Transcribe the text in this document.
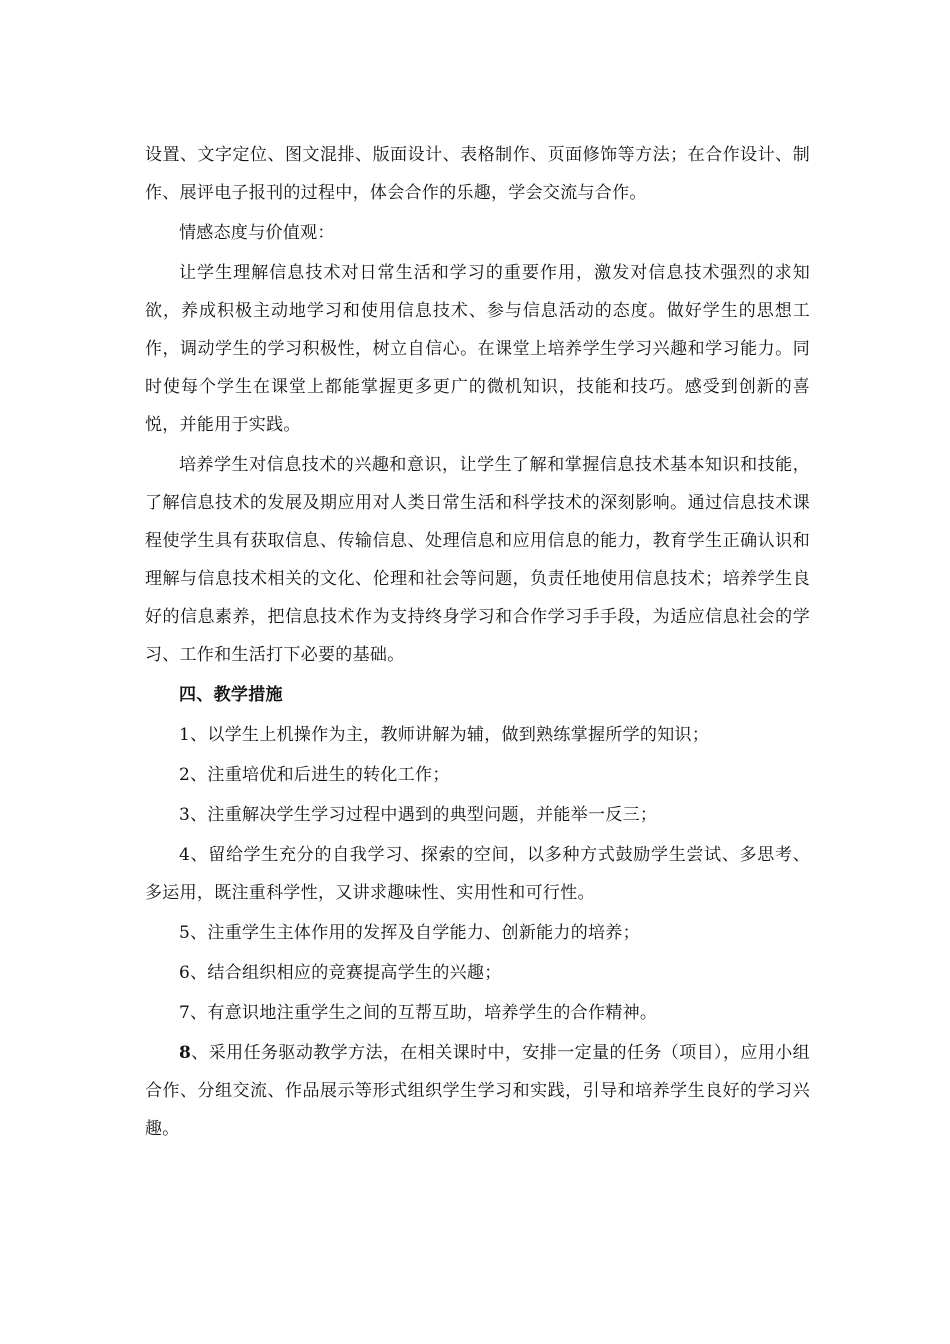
设置、文字定位、图文混排、版面设计、表格制作、页面修饰等方法；在合作设计、制作、展评电子报刊的过程中，体会合作的乐趣，学会交流与合作。

情感态度与价值观：

让学生理解信息技术对日常生活和学习的重要作用，激发对信息技术强烈的求知欲，养成积极主动地学习和使用信息技术、参与信息活动的态度。做好学生的思想工作，调动学生的学习积极性，树立自信心。在课堂上培养学生学习兴趣和学习能力。同时使每个学生在课堂上都能掌握更多更广的微机知识，技能和技巧。感受到创新的喜悦，并能用于实践。

培养学生对信息技术的兴趣和意识，让学生了解和掌握信息技术基本知识和技能，了解信息技术的发展及期应用对人类日常生活和科学技术的深刻影响。通过信息技术课程使学生具有获取信息、传输信息、处理信息和应用信息的能力，教育学生正确认识和理解与信息技术相关的文化、伦理和社会等问题，负责任地使用信息技术；培养学生良好的信息素养，把信息技术作为支持终身学习和合作学习手手段，为适应信息社会的学习、工作和生活打下必要的基础。

四、教学措施

1、以学生上机操作为主，教师讲解为辅，做到熟练掌握所学的知识；

2、注重培优和后进生的转化工作；

3、注重解决学生学习过程中遇到的典型问题，并能举一反三；

4、留给学生充分的自我学习、探索的空间，以多种方式鼓励学生尝试、多思考、多运用，既注重科学性，又讲求趣味性、实用性和可行性。

5、注重学生主体作用的发挥及自学能力、创新能力的培养；

6、结合组织相应的竞赛提高学生的兴趣；

7、有意识地注重学生之间的互帮互助，培养学生的合作精神。

8、采用任务驱动教学方法，在相关课时中，安排一定量的任务（项目），应用小组合作、分组交流、作品展示等形式组织学生学习和实践，引导和培养学生良好的学习兴趣。
